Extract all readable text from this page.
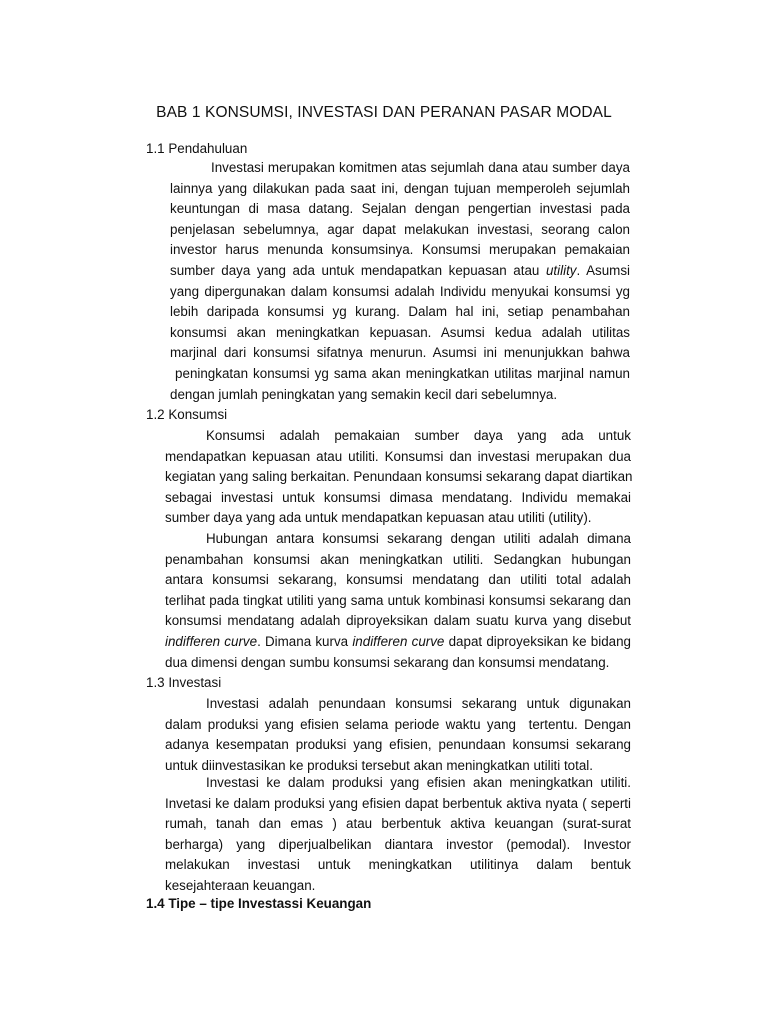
BAB 1 KONSUMSI, INVESTASI DAN PERANAN PASAR MODAL
1.1 Pendahuluan
Investasi merupakan komitmen atas sejumlah dana atau sumber daya
lainnya yang dilakukan pada saat ini, dengan tujuan memperoleh sejumlah
keuntungan di masa datang. Sejalan dengan pengertian investasi pada
penjelasan sebelumnya, agar dapat melakukan investasi, seorang calon
investor harus menunda konsumsinya. Konsumsi merupakan pemakaian
sumber daya yang ada untuk mendapatkan kepuasan atau utility. Asumsi
yang dipergunakan dalam konsumsi adalah Individu menyukai konsumsi yg
lebih daripada konsumsi yg kurang. Dalam hal ini, setiap penambahan
konsumsi akan meningkatkan kepuasan. Asumsi kedua adalah utilitas
marjinal dari konsumsi sifatnya menurun. Asumsi ini menunjukkan bahwa
peningkatan konsumsi yg sama akan meningkatkan utilitas marjinal namun
dengan jumlah peningkatan yang semakin kecil dari sebelumnya.
1.2 Konsumsi
Konsumsi adalah pemakaian sumber daya yang ada untuk
mendapatkan kepuasan atau utiliti. Konsumsi dan investasi merupakan dua
kegiatan yang saling berkaitan. Penundaan konsumsi sekarang dapat diartikan
sebagai investasi untuk konsumsi dimasa mendatang. Individu memakai
sumber daya yang ada untuk mendapatkan kepuasan atau utiliti (utility).
Hubungan antara konsumsi sekarang dengan utiliti adalah dimana
penambahan konsumsi akan meningkatkan utiliti. Sedangkan hubungan
antara konsumsi sekarang, konsumsi mendatang dan utiliti total adalah
terlihat pada tingkat utiliti yang sama untuk kombinasi konsumsi sekarang dan
konsumsi mendatang adalah diproyeksikan dalam suatu kurva yang disebut
indifferen curve. Dimana kurva indifferen curve dapat diproyeksikan ke bidang
dua dimensi dengan sumbu konsumsi sekarang dan konsumsi mendatang.
1.3 Investasi
Investasi adalah penundaan konsumsi sekarang untuk digunakan
dalam produksi yang efisien selama periode waktu yang  tertentu. Dengan
adanya kesempatan produksi yang efisien, penundaan konsumsi sekarang
untuk diinvestasikan ke produksi tersebut akan meningkatkan utiliti total.
Investasi ke dalam produksi yang efisien akan meningkatkan utiliti.
Invetasi ke dalam produksi yang efisien dapat berbentuk aktiva nyata ( seperti
rumah, tanah dan emas ) atau berbentuk aktiva keuangan (surat-surat
berharga) yang diperjualbelikan diantara investor (pemodal). Investor
melakukan investasi untuk meningkatkan utilitinya dalam bentuk
kesejahteraan keuangan.
1.4 Tipe – tipe Investassi Keuangan
